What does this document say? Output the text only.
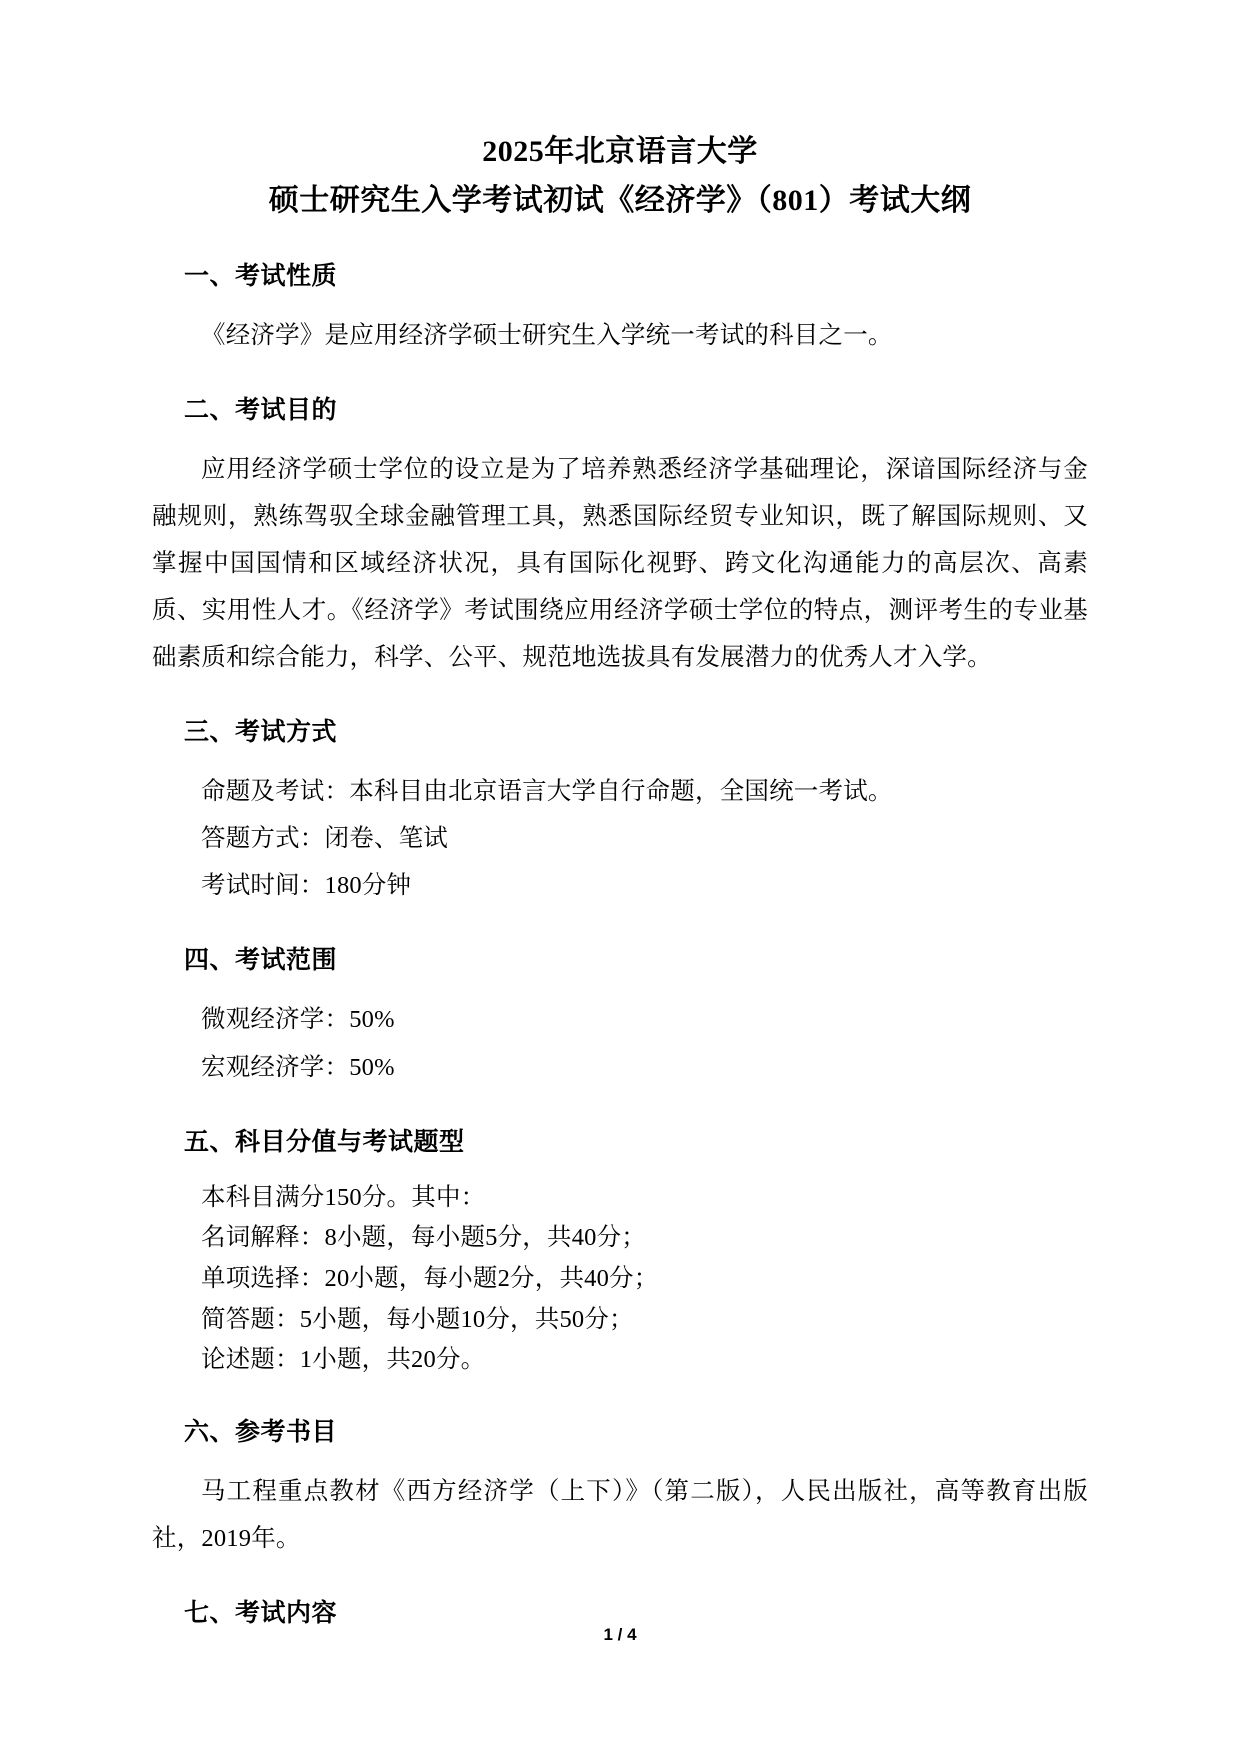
2025年北京语言大学
硕士研究生入学考试初试《经济学》（801）考试大纲
一、考试性质

《经济学》是应用经济学硕士研究生入学统一考试的科目之一。

二、考试目的

应用经济学硕士学位的设立是为了培养熟悉经济学基础理论，深谙国际经济与金融规则，熟练驾驭全球金融管理工具，熟悉国际经贸专业知识，既了解国际规则、又掌握中国国情和区域经济状况，具有国际化视野、跨文化沟通能力的高层次、高素质、实用性人才。《经济学》考试围绕应用经济学硕士学位的特点，测评考生的专业基础素质和综合能力，科学、公平、规范地选拔具有发展潜力的优秀人才入学。

三、考试方式

命题及考试：本科目由北京语言大学自行命题，全国统一考试。

答题方式：闭卷、笔试

考试时间：180分钟

四、考试范围

微观经济学：50%

宏观经济学：50%

五、科目分值与考试题型

本科目满分150分。其中：

名词解释：8小题，每小题5分，共40分；

单项选择：20小题，每小题2分，共40分；

简答题：5小题，每小题10分，共50分；

论述题：1小题，共20分。

六、参考书目

马工程重点教材《西方经济学（上下）》（第二版），人民出版社，高等教育出版社，2019年。

七、考试内容
1 / 4
